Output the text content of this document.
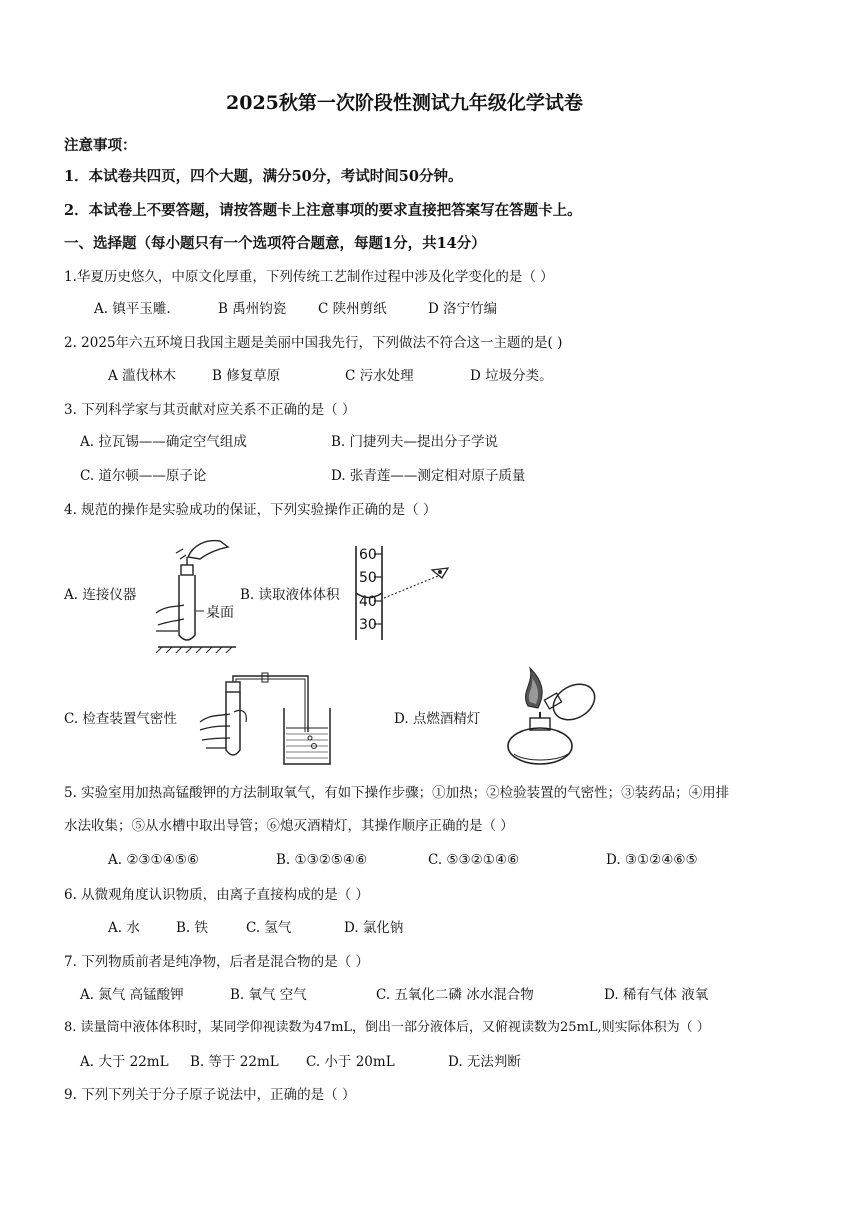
2025秋第一次阶段性测试九年级化学试卷
注意事项：
1．本试卷共四页，四个大题，满分50分，考试时间50分钟。
2．本试卷上不要答题，请按答题卡上注意事项的要求直接把答案写在答题卡上。
一、选择题（每小题只有一个选项符合题意，每题1分，共14分）
1.华夏历史悠久，中原文化厚重，下列传统工艺制作过程中涉及化学变化的是（ ）
A. 镇平玉雕.	B 禹州钧瓷 C 陕州剪纸	D 洛宁竹编
2. 2025年六五环境日我国主题是美丽中国我先行，下列做法不符合这一主题的是( )
A 滥伐林木	B 修复草原	C 污水处理	D 垃圾分类。
3. 下列科学家与其贡献对应关系不正确的是（ ）
A. 拉瓦锡——确定空气组成	B. 门捷列夫—提出分子学说
C. 道尔顿——原子论	D. 张青莲——测定相对原子质量
4. 规范的操作是实验成功的保证，下列实验操作正确的是（ ）
A. 连接仪器	B. 读取液体体积
C. 检查装置气密性	D. 点燃酒精灯
桌面
60
50
40
30
5. 实验室用加热高锰酸钾的方法制取氧气，有如下操作步骤；①加热；②检验装置的气密性；③装药品；④用排
水法收集；⑤从水槽中取出导管；⑥熄灭酒精灯，其操作顺序正确的是（ ）
A. ②③①④⑤⑥	B. ①③②⑤④⑥	C. ⑤③②①④⑥	D. ③①②④⑥⑤
6. 从微观角度认识物质，由离子直接构成的是（ ）
A. 水	B. 铁	C. 氢气	D. 氯化钠
7. 下列物质前者是纯净物，后者是混合物的是（ ）
A. 氮气 高锰酸钾	B. 氧气 空气	C. 五氧化二磷 冰水混合物	D. 稀有气体 液氧
8. 读量筒中液体体积时，某同学仰视读数为47mL，倒出一部分液体后，又俯视读数为25mL,则实际体积为（ ）
A. 大于 22mL B. 等于 22mL C. 小于 20mL	D. 无法判断
9. 下列下列关于分子原子说法中，正确的是（ ）
